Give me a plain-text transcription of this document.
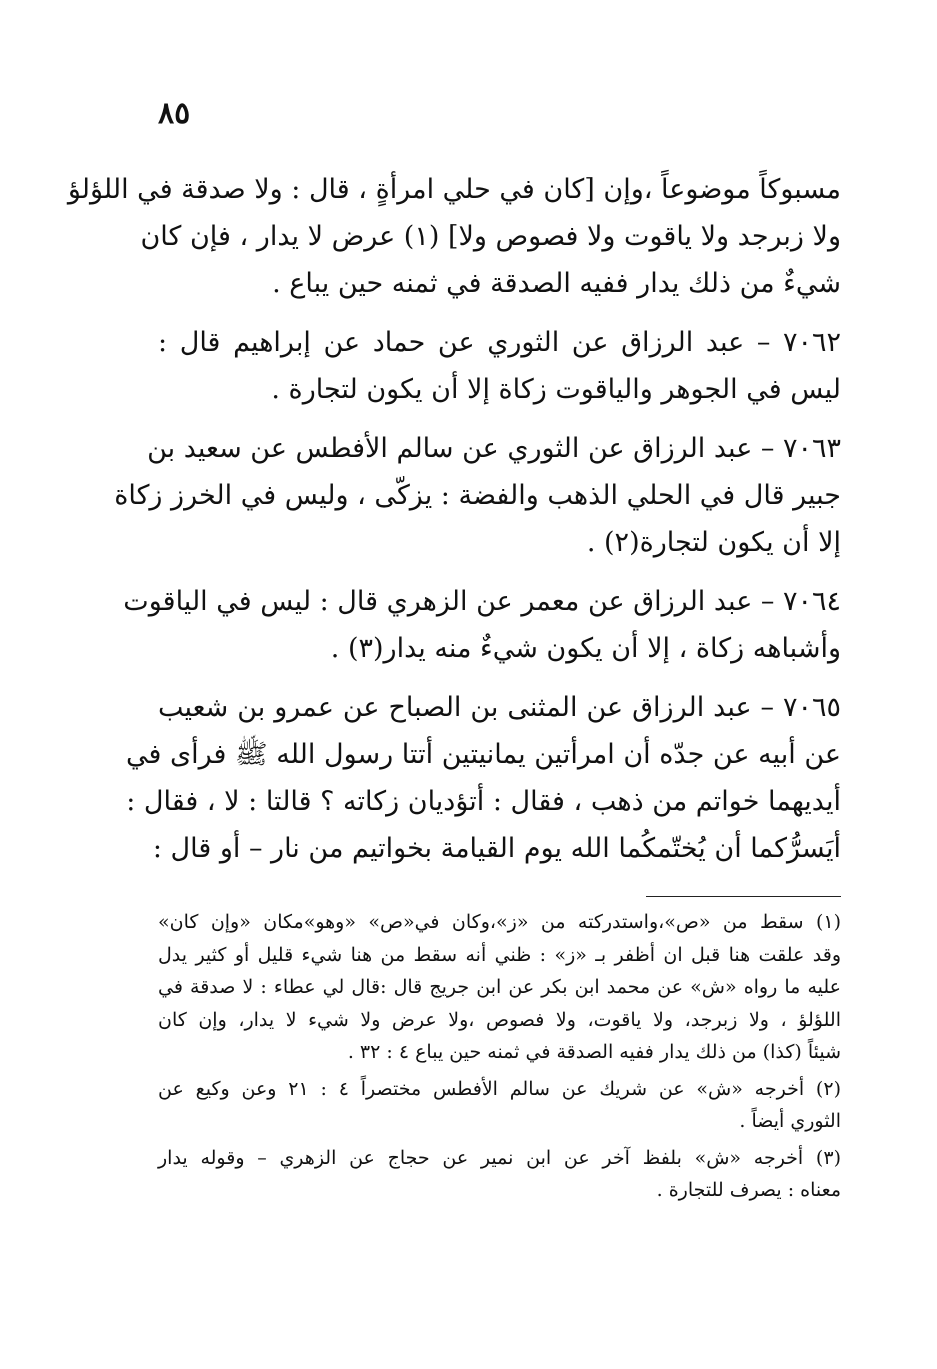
٨٥
مسبوكاً موضوعاً ،وإن [كان في حلي امرأةٍ ، قال : ولا صدقة في اللؤلؤ
ولا زبرجد ولا ياقوت ولا فصوص ولا] (١) عرض لا يدار ، فإن كان
شيءٌ من ذلك يدار ففيه الصدقة في ثمنه حين يباع .
٧٠٦٢ – عبد الرزاق عن الثوري عن حماد عن إبراهيم قال :
ليس في الجوهر والياقوت زكاة إلا أن يكون لتجارة .
٧٠٦٣ – عبد الرزاق عن الثوري عن سالم الأفطس عن سعيد بن
جبير قال في الحلي الذهب والفضة : يزكّى ، وليس في الخرز زكاة
إلا أن يكون لتجارة(٢) .
٧٠٦٤ – عبد الرزاق عن معمر عن الزهري قال : ليس في الياقوت
وأشباهه زكاة ، إلا أن يكون شيءٌ منه يدار(٣) .
٧٠٦٥ – عبد الرزاق عن المثنى بن الصباح عن عمرو بن شعيب
عن أبيه عن جدّه أن امرأتين يمانيتين أتتا رسول الله ﷺ فرأى في
أيديهما خواتم من ذهب ، فقال : أتؤديان زكاته ؟ قالتا : لا ، فقال :
أيَسرُّكما أن يُختّمكُما الله يوم القيامة بخواتيم من نار – أو قال :
(١) سقط من «ص»،واستدركته من «ز»،وكان في«ص» «وهو»مكان «وإن كان»
وقد علقت هنا قبل ان أظفر بـ «ز» : ظني أنه سقط من هنا شيء قليل أو كثير يدل
عليه ما رواه «ش» عن محمد ابن بكر عن ابن جريج قال :قال لي عطاء : لا صدقة في
اللؤلؤ ، ولا زبرجد، ولا ياقوت، ولا فصوص ،ولا عرض ولا شيء لا يدار، وإن كان
شيئاً (كذا) من ذلك يدار ففيه الصدقة في ثمنه حين يباع ٤ : ٣٢ .
(٢) أخرجه «ش» عن شريك عن سالم الأفطس مختصراً ٤ : ٢١ وعن وكيع عن
الثوري أيضاً .
(٣) أخرجه «ش» بلفظ آخر عن ابن نمير عن حجاج عن الزهري – وقوله يدار
معناه : يصرف للتجارة .
